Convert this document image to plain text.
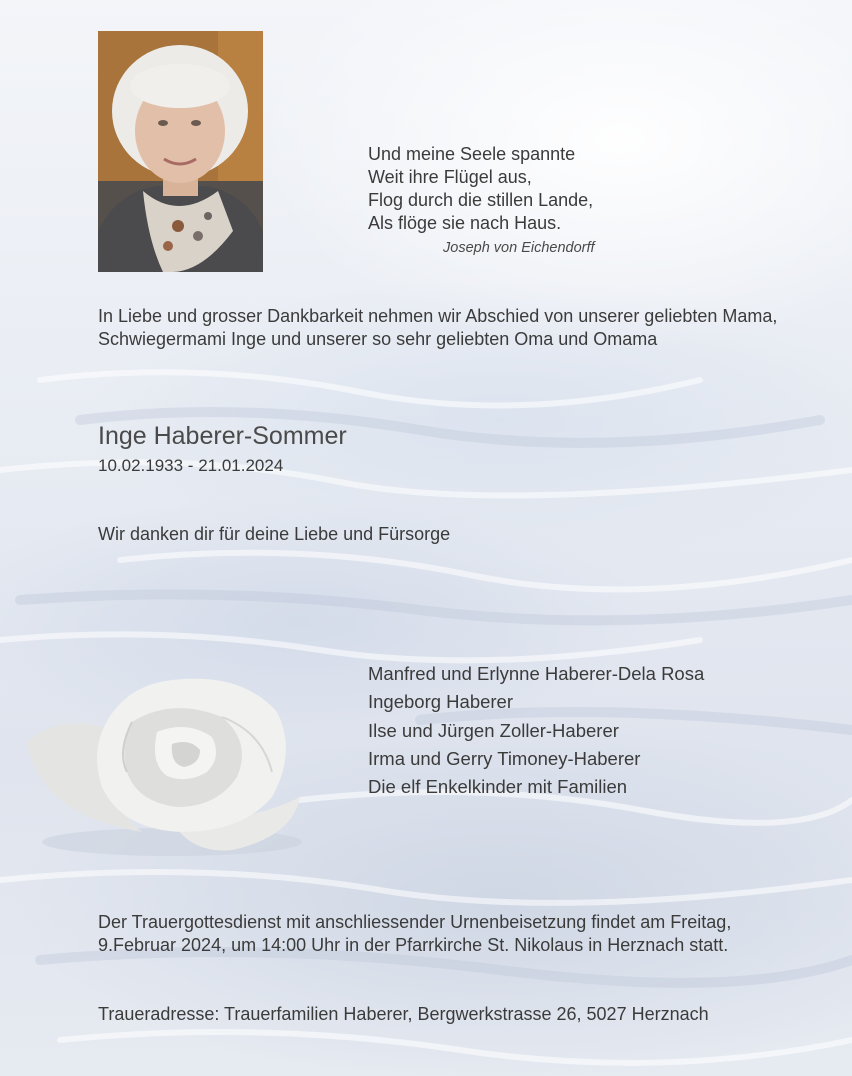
Und meine Seele spannte
Weit ihre Flügel aus,
Flog durch die stillen Lande,
Als flöge sie nach Haus.
Joseph von Eichendorff
In Liebe und grosser Dankbarkeit nehmen wir Abschied von unserer geliebten Mama, Schwiegermami Inge und unserer so sehr geliebten Oma und Omama
Inge Haberer-Sommer
10.02.1933 - 21.01.2024
Wir danken dir für deine Liebe und Fürsorge
Manfred und Erlynne Haberer-Dela Rosa
Ingeborg Haberer
Ilse und Jürgen Zoller-Haberer
Irma und Gerry Timoney-Haberer
Die elf Enkelkinder mit Familien
Der Trauergottesdienst mit anschliessender Urnenbeisetzung findet am Freitag, 9.Februar 2024, um 14:00 Uhr in der Pfarrkirche St. Nikolaus in Herznach statt.
Traueradresse: Trauerfamilien Haberer, Bergwerkstrasse 26, 5027 Herznach
